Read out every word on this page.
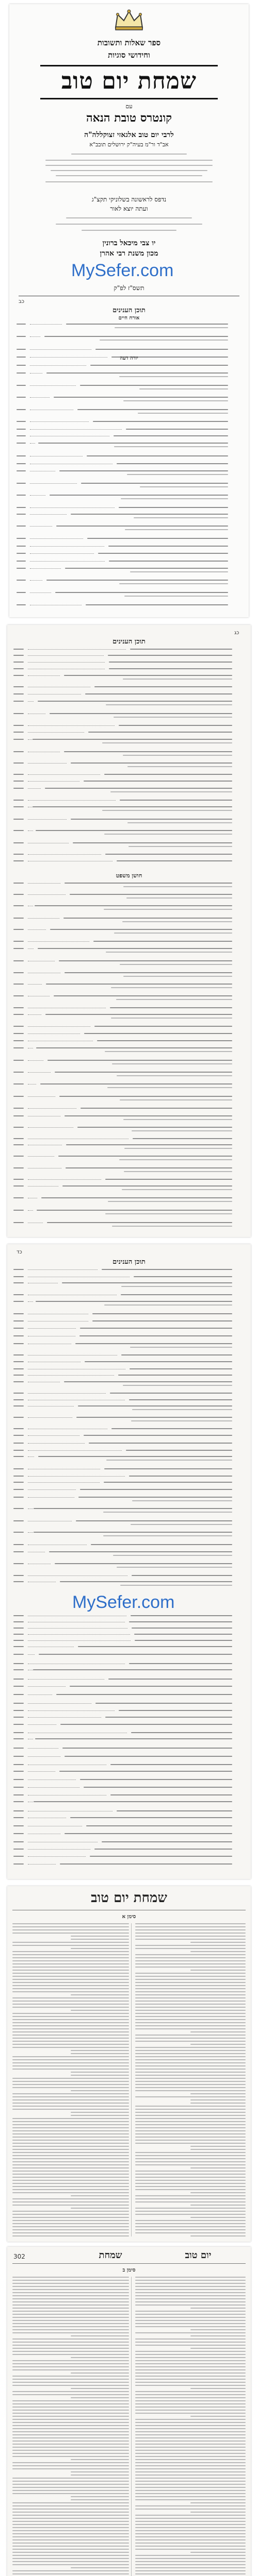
ספר שאלות ותשובות
וחידושי סוגיות
שמחת יום טוב
עם
קונטרס טובת הנאה
לרבי יום טוב אלגאזי זצוקללה"ה
אב"ד ור"מ בעיה"ק ירושלים תובב"א
נדפס לראשונה בשלוניקי תקצ"ג
ועתה יוצא לאור
יו צבי מיכאל ברונין
מכון משנת רבי אהרן
MySefer.com
תשס"ז לפ"ק
כב
תוכן הענינים
אורח חיים
יורה דעה
כג
תוכן הענינים
חושן משפט
כד
תוכן הענינים
MySefer.com
שמחת יום טוב
סימן א
302	שמחת	יום טוב
סימן ב
